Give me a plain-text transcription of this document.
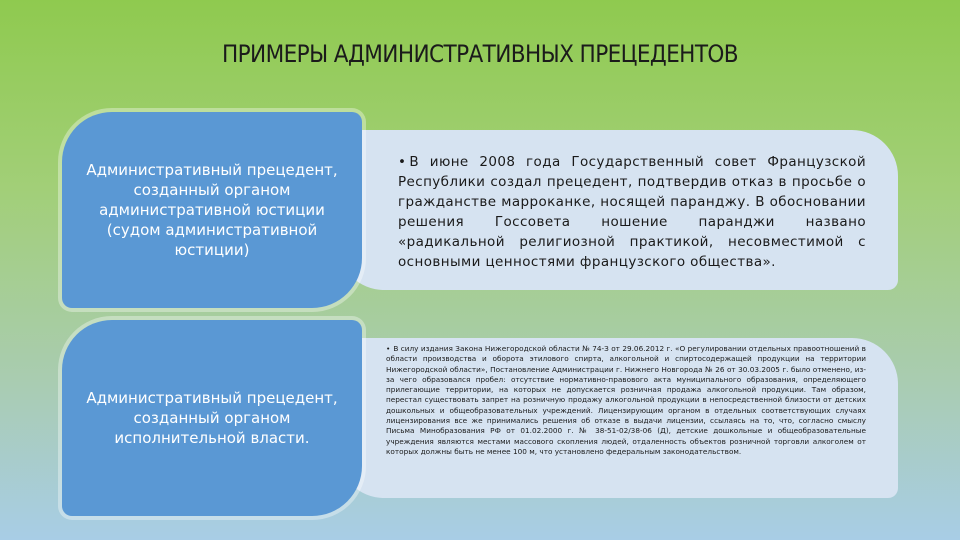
ПРИМЕРЫ АДМИНИСТРАТИВНЫХ ПРЕЦЕДЕНТОВ

• В июне 2008 года Государственный совет Французской Республики создал прецедент, подтвердив отказ в просьбе о гражданстве марроканке, носящей паранджу. В обосновании решения Госсовета ношение паранджи названо «радикальной религиозной практикой, несовместимой с основными ценностями французского общества».

• В силу издания Закона Нижегородской области № 74-З от 29.06.2012 г. «О регулировании отдельных правоотношений в области производства и оборота этилового спирта, алкогольной и спиртосодержащей продукции на территории Нижегородской области», Постановление Администрации г. Нижнего Новгорода № 26 от 30.03.2005 г. было отменено, из-за чего образовался пробел: отсутствие нормативно-правового акта муниципального образования, определяющего прилегающие территории, на которых не допускается розничная продажа алкогольной продукции. Там образом, перестал существовать запрет на розничную продажу алкогольной продукции в непосредственной близости от детских дошкольных и общеобразовательных учреждений. Лицензирующим органом в отдельных соответствующих случаях лицензирования все же принимались решения об отказе в выдачи лицензии, ссылаясь на то, что, согласно смыслу Письма Минобразования РФ от 01.02.2000 г. № 38-51-02/38-06 (Д), детские дошкольные и общеобразовательные учреждения являются местами массового скопления людей, отдаленность объектов розничной торговли алкоголем от которых должны быть не менее 100 м, что установлено федеральным законодательством.

Административный прецедент, созданный органом административной юстиции (судом административной юстиции)
Административный прецедент, созданный органом исполнительной власти.
